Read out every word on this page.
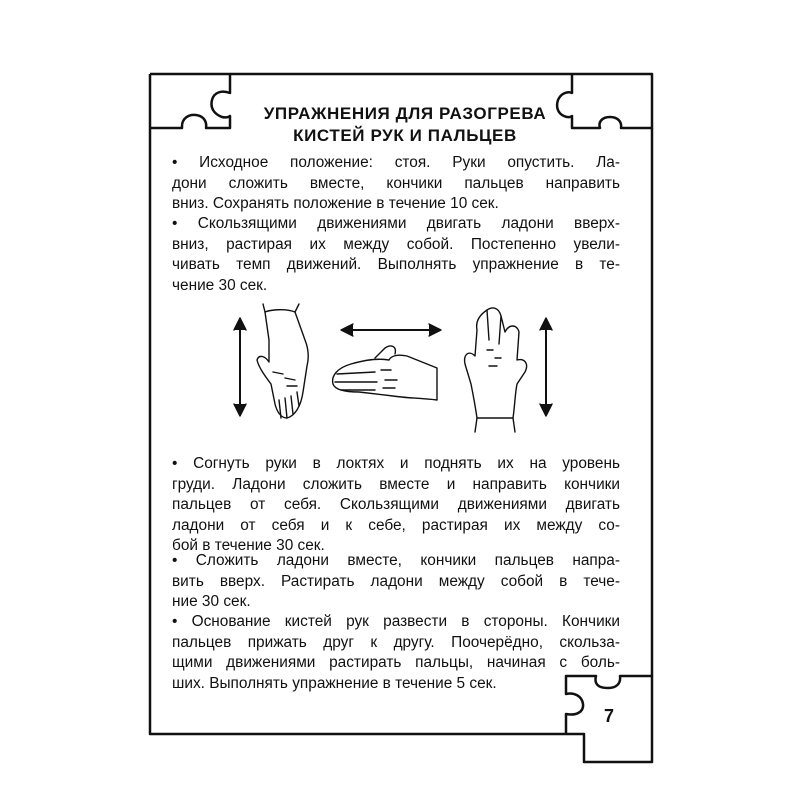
УПРАЖНЕНИЯ ДЛЯ РАЗОГРЕВА
КИСТЕЙ РУК И ПАЛЬЦЕВ
• Исходное положение: стоя. Руки опустить. Ла-
дони сложить вместе, кончики пальцев направить
вниз. Сохранять положение в течение 10 сек.
• Скользящими движениями двигать ладони вверх-
вниз, растирая их между собой. Постепенно увели-
чивать темп движений. Выполнять упражнение в те-
чение 30 сек.
• Согнуть руки в локтях и поднять их на уровень
груди. Ладони сложить вместе и направить кончики
пальцев от себя. Скользящими движениями двигать
ладони от себя и к себе, растирая их между со-
бой в течение 30 сек.
• Сложить ладони вместе, кончики пальцев напра-
вить вверх. Растирать ладони между собой в тече-
ние 30 сек.
• Основание кистей рук развести в стороны. Кончики
пальцев прижать друг к другу. Поочерёдно, скольза-
щими движениями растирать пальцы, начиная с боль-
ших. Выполнять упражнение в течение 5 сек.
7
